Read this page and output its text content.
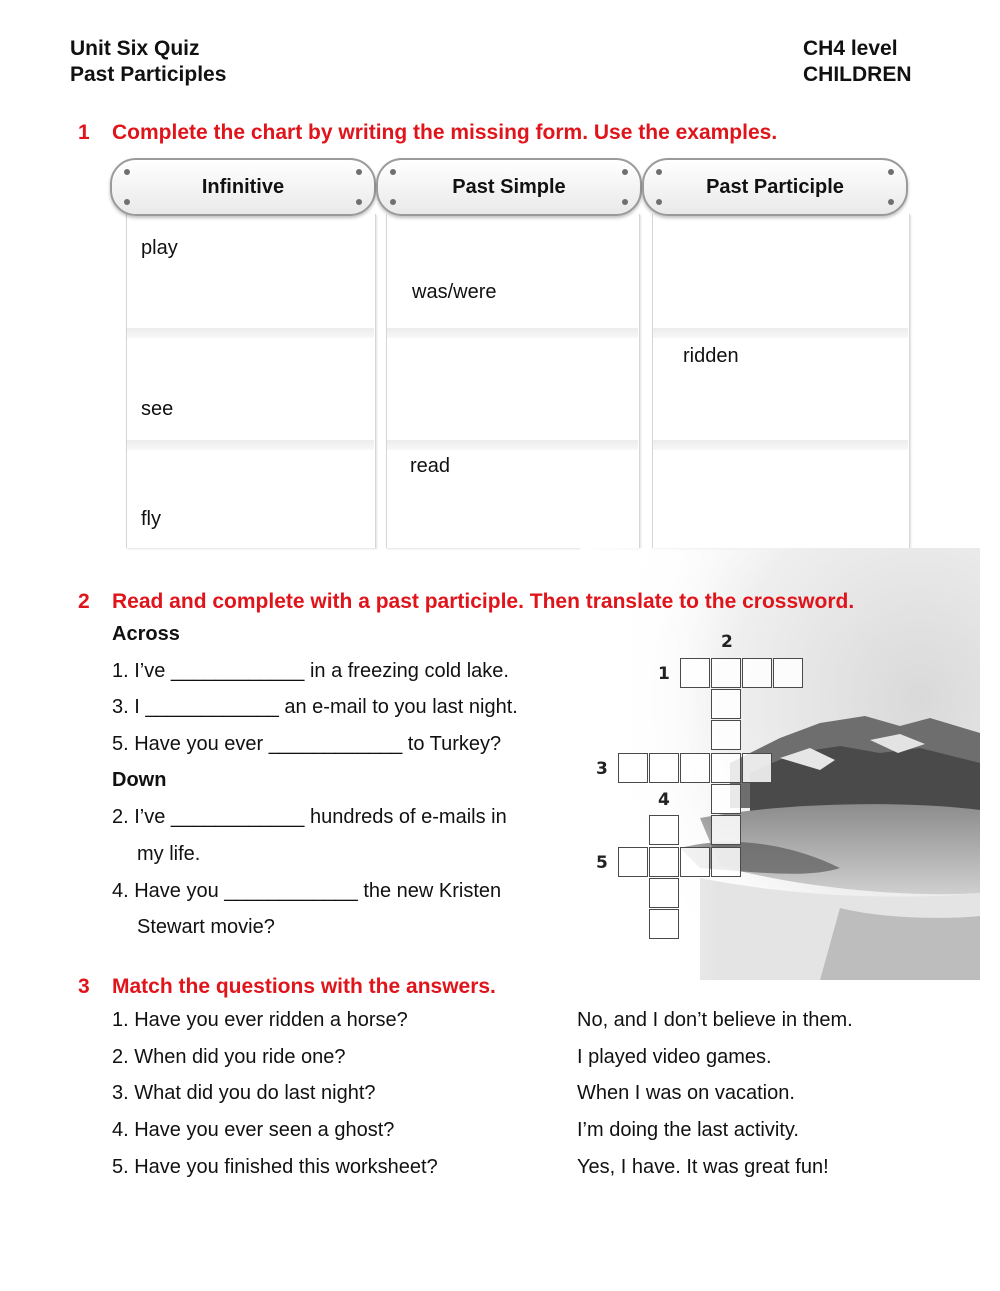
Unit Six Quiz
Past Participles
CH4 level
CHILDREN
1 Complete the chart by writing the missing form. Use the examples.
Infinitive	Past Simple	Past Participle
play
was/were
ridden
see
read
fly
2 Read and complete with a past participle. Then translate to the crossword.
Across
1. I’ve ____________ in a freezing cold lake.
3. I ____________ an e-mail to you last night.
5. Have you ever ____________ to Turkey?
Down
2. I’ve ____________ hundreds of e-mails in
my life.
4. Have you ____________ the new Kristen
Stewart movie?
1
2
3
4
5
3 Match the questions with the answers.
1. Have you ever ridden a horse?
2. When did you ride one?
3. What did you do last night?
4. Have you ever seen a ghost?
5. Have you finished this worksheet?
No, and I don’t believe in them.
I played video games.
When I was on vacation.
I’m doing the last activity.
Yes, I have. It was great fun!
